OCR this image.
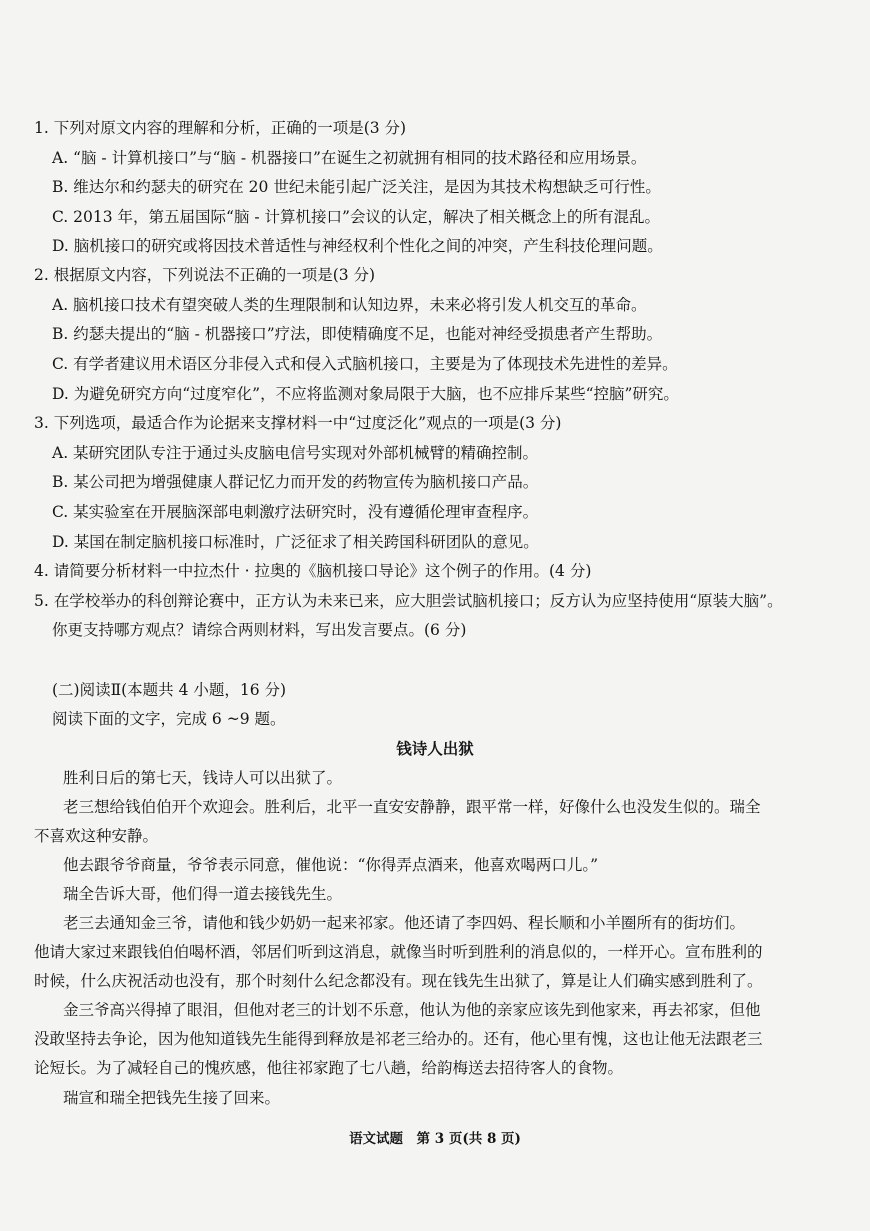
1. 下列对原文内容的理解和分析，正确的一项是(3 分)
A. “脑 - 计算机接口”与“脑 - 机器接口”在诞生之初就拥有相同的技术路径和应用场景。
B. 维达尔和约瑟夫的研究在 20 世纪未能引起广泛关注，是因为其技术构想缺乏可行性。
C. 2013 年，第五届国际“脑 - 计算机接口”会议的认定，解决了相关概念上的所有混乱。
D. 脑机接口的研究或将因技术普适性与神经权利个性化之间的冲突，产生科技伦理问题。
2. 根据原文内容，下列说法不正确的一项是(3 分)
A. 脑机接口技术有望突破人类的生理限制和认知边界，未来必将引发人机交互的革命。
B. 约瑟夫提出的“脑 - 机器接口”疗法，即使精确度不足，也能对神经受损患者产生帮助。
C. 有学者建议用术语区分非侵入式和侵入式脑机接口，主要是为了体现技术先进性的差异。
D. 为避免研究方向“过度窄化”，不应将监测对象局限于大脑，也不应排斥某些“控脑”研究。
3. 下列选项，最适合作为论据来支撑材料一中“过度泛化”观点的一项是(3 分)
A. 某研究团队专注于通过头皮脑电信号实现对外部机械臂的精确控制。
B. 某公司把为增强健康人群记忆力而开发的药物宣传为脑机接口产品。
C. 某实验室在开展脑深部电刺激疗法研究时，没有遵循伦理审查程序。
D. 某国在制定脑机接口标准时，广泛征求了相关跨国科研团队的意见。
4. 请简要分析材料一中拉杰什 · 拉奥的《脑机接口导论》这个例子的作用。(4 分)
5. 在学校举办的科创辩论赛中，正方认为未来已来，应大胆尝试脑机接口；反方认为应坚持使用“原装大脑”。
你更支持哪方观点？请综合两则材料，写出发言要点。(6 分)
(二)阅读Ⅱ(本题共 4 小题，16 分)
阅读下面的文字，完成 6 ~9 题。
钱诗人出狱
胜利日后的第七天，钱诗人可以出狱了。
老三想给钱伯伯开个欢迎会。胜利后，北平一直安安静静，跟平常一样，好像什么也没发生似的。瑞全
不喜欢这种安静。
他去跟爷爷商量，爷爷表示同意，催他说：“你得弄点酒来，他喜欢喝两口儿。”
瑞全告诉大哥，他们得一道去接钱先生。
老三去通知金三爷，请他和钱少奶奶一起来祁家。他还请了李四妈、程长顺和小羊圈所有的街坊们。
他请大家过来跟钱伯伯喝杯酒，邻居们听到这消息，就像当时听到胜利的消息似的，一样开心。宣布胜利的
时候，什么庆祝活动也没有，那个时刻什么纪念都没有。现在钱先生出狱了，算是让人们确实感到胜利了。
金三爷高兴得掉了眼泪，但他对老三的计划不乐意，他认为他的亲家应该先到他家来，再去祁家，但他
没敢坚持去争论，因为他知道钱先生能得到释放是祁老三给办的。还有，他心里有愧，这也让他无法跟老三
论短长。为了减轻自己的愧疚感，他往祁家跑了七八趟，给韵梅送去招待客人的食物。
瑞宣和瑞全把钱先生接了回来。
语文试题　第 3 页(共 8 页)
